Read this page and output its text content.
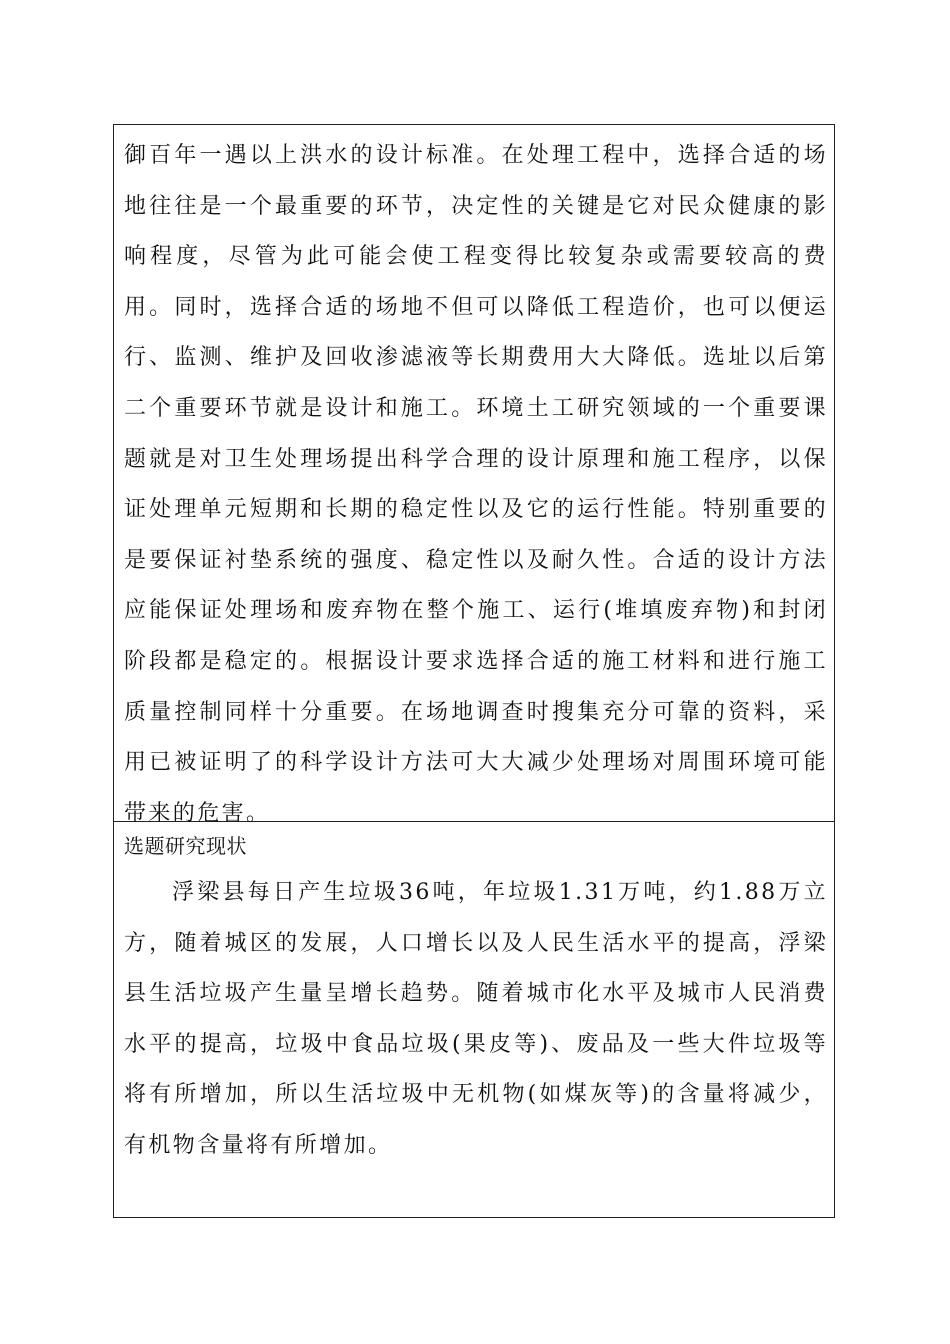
御百年一遇以上洪水的设计标准。在处理工程中，选择合适的场地往往是一个最重要的环节，决定性的关键是它对民众健康的影响程度，尽管为此可能会使工程变得比较复杂或需要较高的费用。同时，选择合适的场地不但可以降低工程造价，也可以便运行、监测、维护及回收渗滤液等长期费用大大降低。选址以后第二个重要环节就是设计和施工。环境土工研究领域的一个重要课题就是对卫生处理场提出科学合理的设计原理和施工程序，以保证处理单元短期和长期的稳定性以及它的运行性能。特别重要的是要保证衬垫系统的强度、稳定性以及耐久性。合适的设计方法应能保证处理场和废弃物在整个施工、运行(堆填废弃物)和封闭阶段都是稳定的。根据设计要求选择合适的施工材料和进行施工质量控制同样十分重要。在场地调查时搜集充分可靠的资料，采用已被证明了的科学设计方法可大大减少处理场对周围环境可能带来的危害。

选题研究现状

浮梁县每日产生垃圾36吨，年垃圾1.31万吨，约1.88万立方，随着城区的发展，人口增长以及人民生活水平的提高，浮梁县生活垃圾产生量呈增长趋势。随着城市化水平及城市人民消费水平的提高，垃圾中食品垃圾(果皮等)、废品及一些大件垃圾等将有所增加，所以生活垃圾中无机物(如煤灰等)的含量将减少，有机物含量将有所增加。
